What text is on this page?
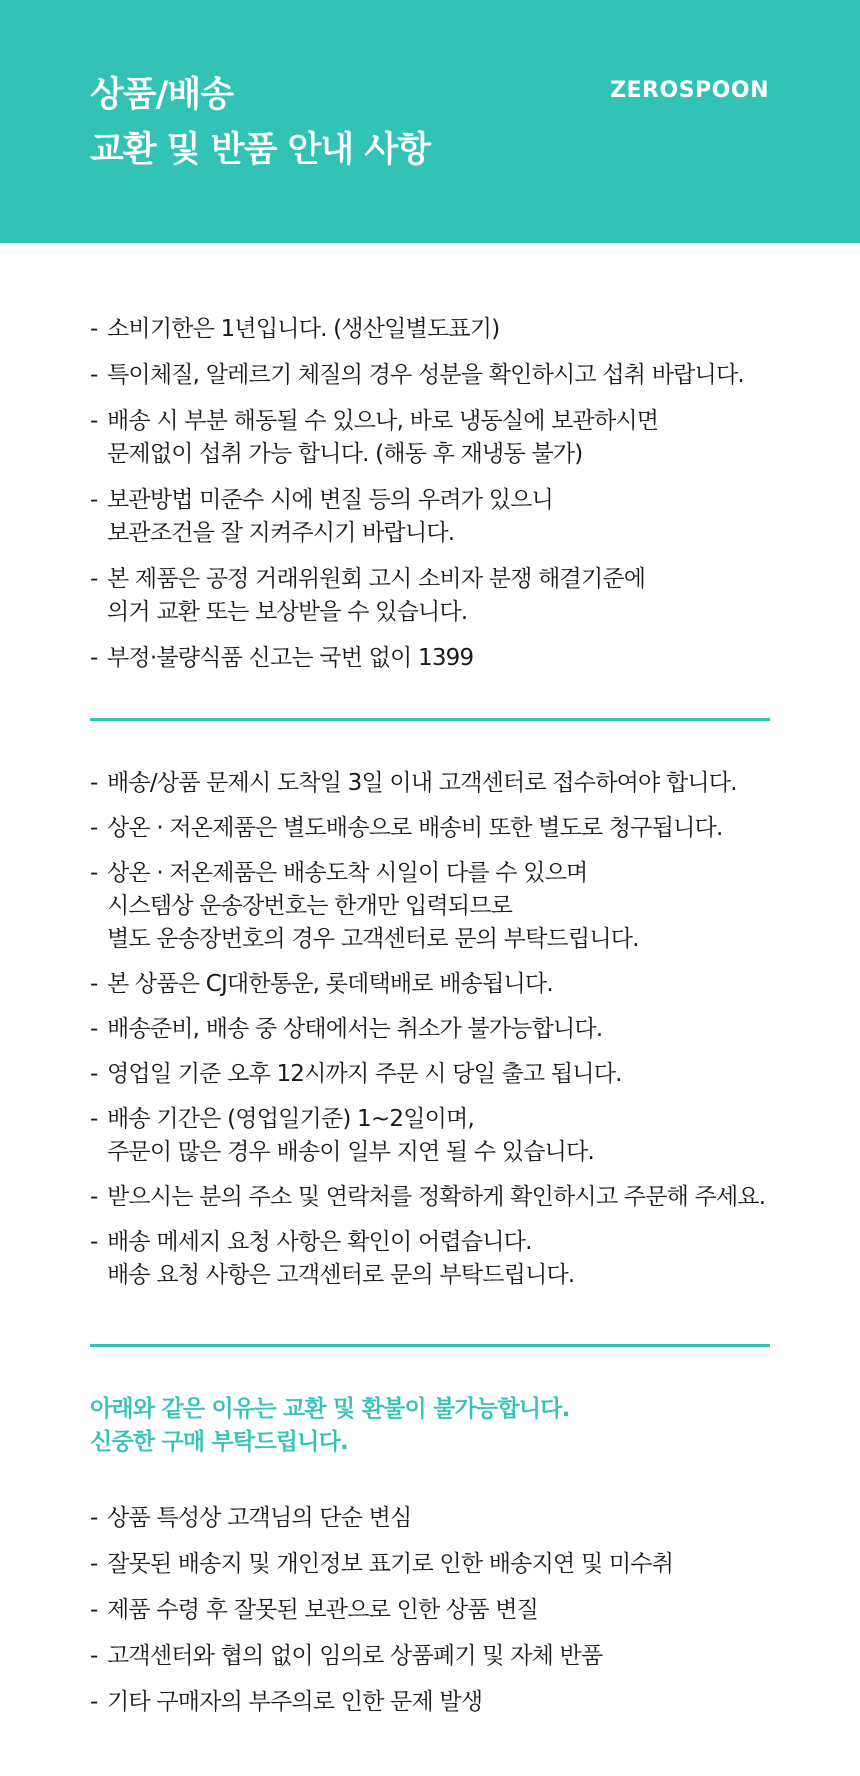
상품/배송
교환 및 반품 안내 사항
ZEROSPOON
- 소비기한은 1년입니다. (생산일별도표기)
- 특이체질, 알레르기 체질의 경우 성분을 확인하시고 섭취 바랍니다.
- 배송 시 부분 해동될 수 있으나, 바로 냉동실에 보관하시면
문제없이 섭취 가능 합니다. (해동 후 재냉동 불가)
- 보관방법 미준수 시에 변질 등의 우려가 있으니
보관조건을 잘 지켜주시기 바랍니다.
- 본 제품은 공정 거래위원회 고시 소비자 분쟁 해결기준에
의거 교환 또는 보상받을 수 있습니다.
- 부정·불량식품 신고는 국번 없이 1399
- 배송/상품 문제시 도착일 3일 이내 고객센터로 접수하여야 합니다.
- 상온 · 저온제품은 별도배송으로 배송비 또한 별도로 청구됩니다.
- 상온 · 저온제품은 배송도착 시일이 다를 수 있으며
시스템상 운송장번호는 한개만 입력되므로
별도 운송장번호의 경우 고객센터로 문의 부탁드립니다.
- 본 상품은 CJ대한통운, 롯데택배로 배송됩니다.
- 배송준비, 배송 중 상태에서는 취소가 불가능합니다.
- 영업일 기준 오후 12시까지 주문 시 당일 출고 됩니다.
- 배송 기간은 (영업일기준) 1~2일이며,
주문이 많은 경우 배송이 일부 지연 될 수 있습니다.
- 받으시는 분의 주소 및 연락처를 정확하게 확인하시고 주문해 주세요.
- 배송 메세지 요청 사항은 확인이 어렵습니다.
배송 요청 사항은 고객센터로 문의 부탁드립니다.
아래와 같은 이유는 교환 및 환불이 불가능합니다.
신중한 구매 부탁드립니다.
- 상품 특성상 고객님의 단순 변심
- 잘못된 배송지 및 개인정보 표기로 인한 배송지연 및 미수취
- 제품 수령 후 잘못된 보관으로 인한 상품 변질
- 고객센터와 협의 없이 임의로 상품폐기 및 자체 반품
- 기타 구매자의 부주의로 인한 문제 발생
